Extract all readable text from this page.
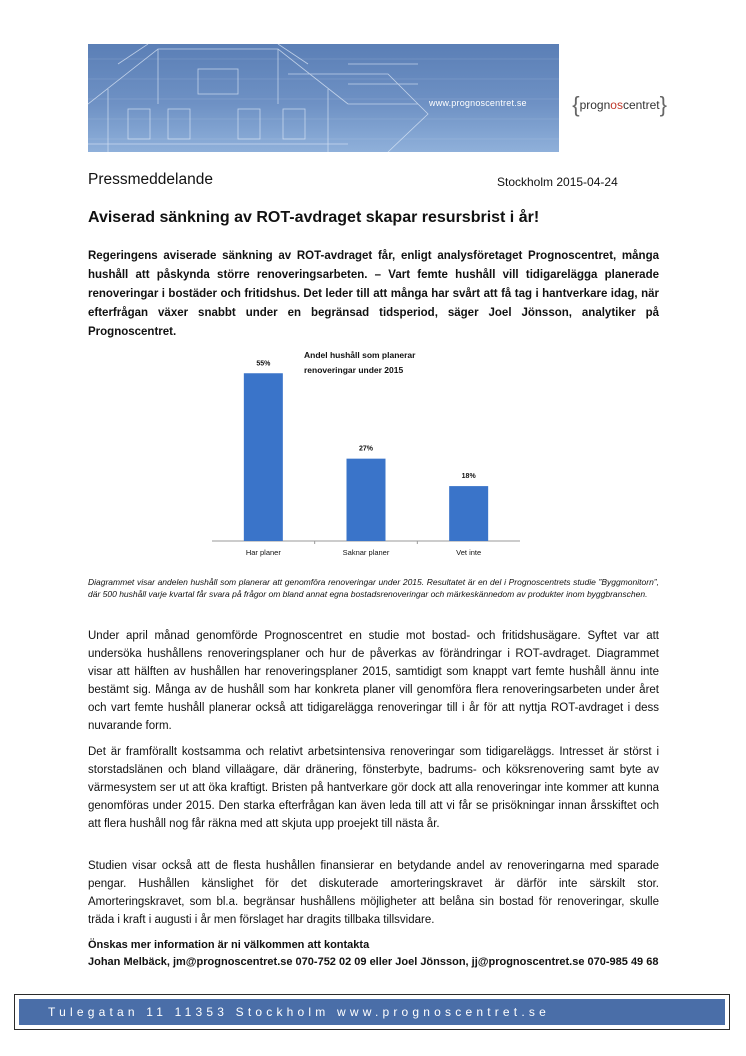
www.prognoscentret.se {prognoscentret}
Pressmeddelande	Stockholm 2015-04-24
Aviserad sänkning av ROT-avdraget skapar resursbrist i år!

Regeringens aviserade sänkning av ROT-avdraget får, enligt analysföretaget Prognoscentret, många hushåll att påskynda större renoveringsarbeten. – Vart femte hushåll vill tidigarelägga planerade renoveringar i bostäder och fritidshus. Det leder till att många har svårt att få tag i hantverkare idag, när efterfrågan växer snabbt under en begränsad tidsperiod, säger Joel Jönsson, analytiker på Prognoscentret.

Andel hushåll som planerar
renoveringar under 2015

55%
Har planer
27%
Saknar planer
18%
Vet inte

Diagrammet visar andelen hushåll som planerar att genomföra renoveringar under 2015. Resultatet är en del i Prognoscentrets studie ”Byggmonitorn”, där 500 hushåll varje kvartal får svara på frågor om bland annat egna bostadsrenoveringar och märkeskännedom av produkter inom byggbranschen.

Under april månad genomförde Prognoscentret en studie mot bostad- och fritidshusägare. Syftet var att undersöka hushållens renoveringsplaner och hur de påverkas av förändringar i ROT-avdraget. Diagrammet visar att hälften av hushållen har renoveringsplaner 2015, samtidigt som knappt vart femte hushåll ännu inte bestämt sig. Många av de hushåll som har konkreta planer vill genomföra flera renoveringsarbeten under året och vart femte hushåll planerar också att tidigarelägga renoveringar till i år för att nyttja ROT-avdraget i dess nuvarande form.

Det är framförallt kostsamma och relativt arbetsintensiva renoveringar som tidigareläggs. Intresset är störst i storstadslänen och bland villaägare, där dränering, fönsterbyte, badrums- och köksrenovering samt byte av värmesystem ser ut att öka kraftigt. Bristen på hantverkare gör dock att alla renoveringar inte kommer att kunna genomföras under 2015. Den starka efterfrågan kan även leda till att vi får se prisökningar innan årsskiftet och att flera hushåll nog får räkna med att skjuta upp proejekt till nästa år.

Studien visar också att de flesta hushållen finansierar en betydande andel av renoveringarna med sparade pengar. Hushållen känslighet för det diskuterade amorteringskravet är därför inte särskilt stor. Amorteringskravet, som bl.a. begränsar hushållens möjligheter att belåna sin bostad för renoveringar, skulle träda i kraft i augusti i år men förslaget har dragits tillbaka tillsvidare.

Önskas mer information är ni välkommen att kontakta
Johan Melbäck, jm@prognoscentret.se 070-752 02 09 eller Joel Jönsson, jj@prognoscentret.se 070-985 49 68
Tulegatan 11 11353 Stockholm www.prognoscentret.se
